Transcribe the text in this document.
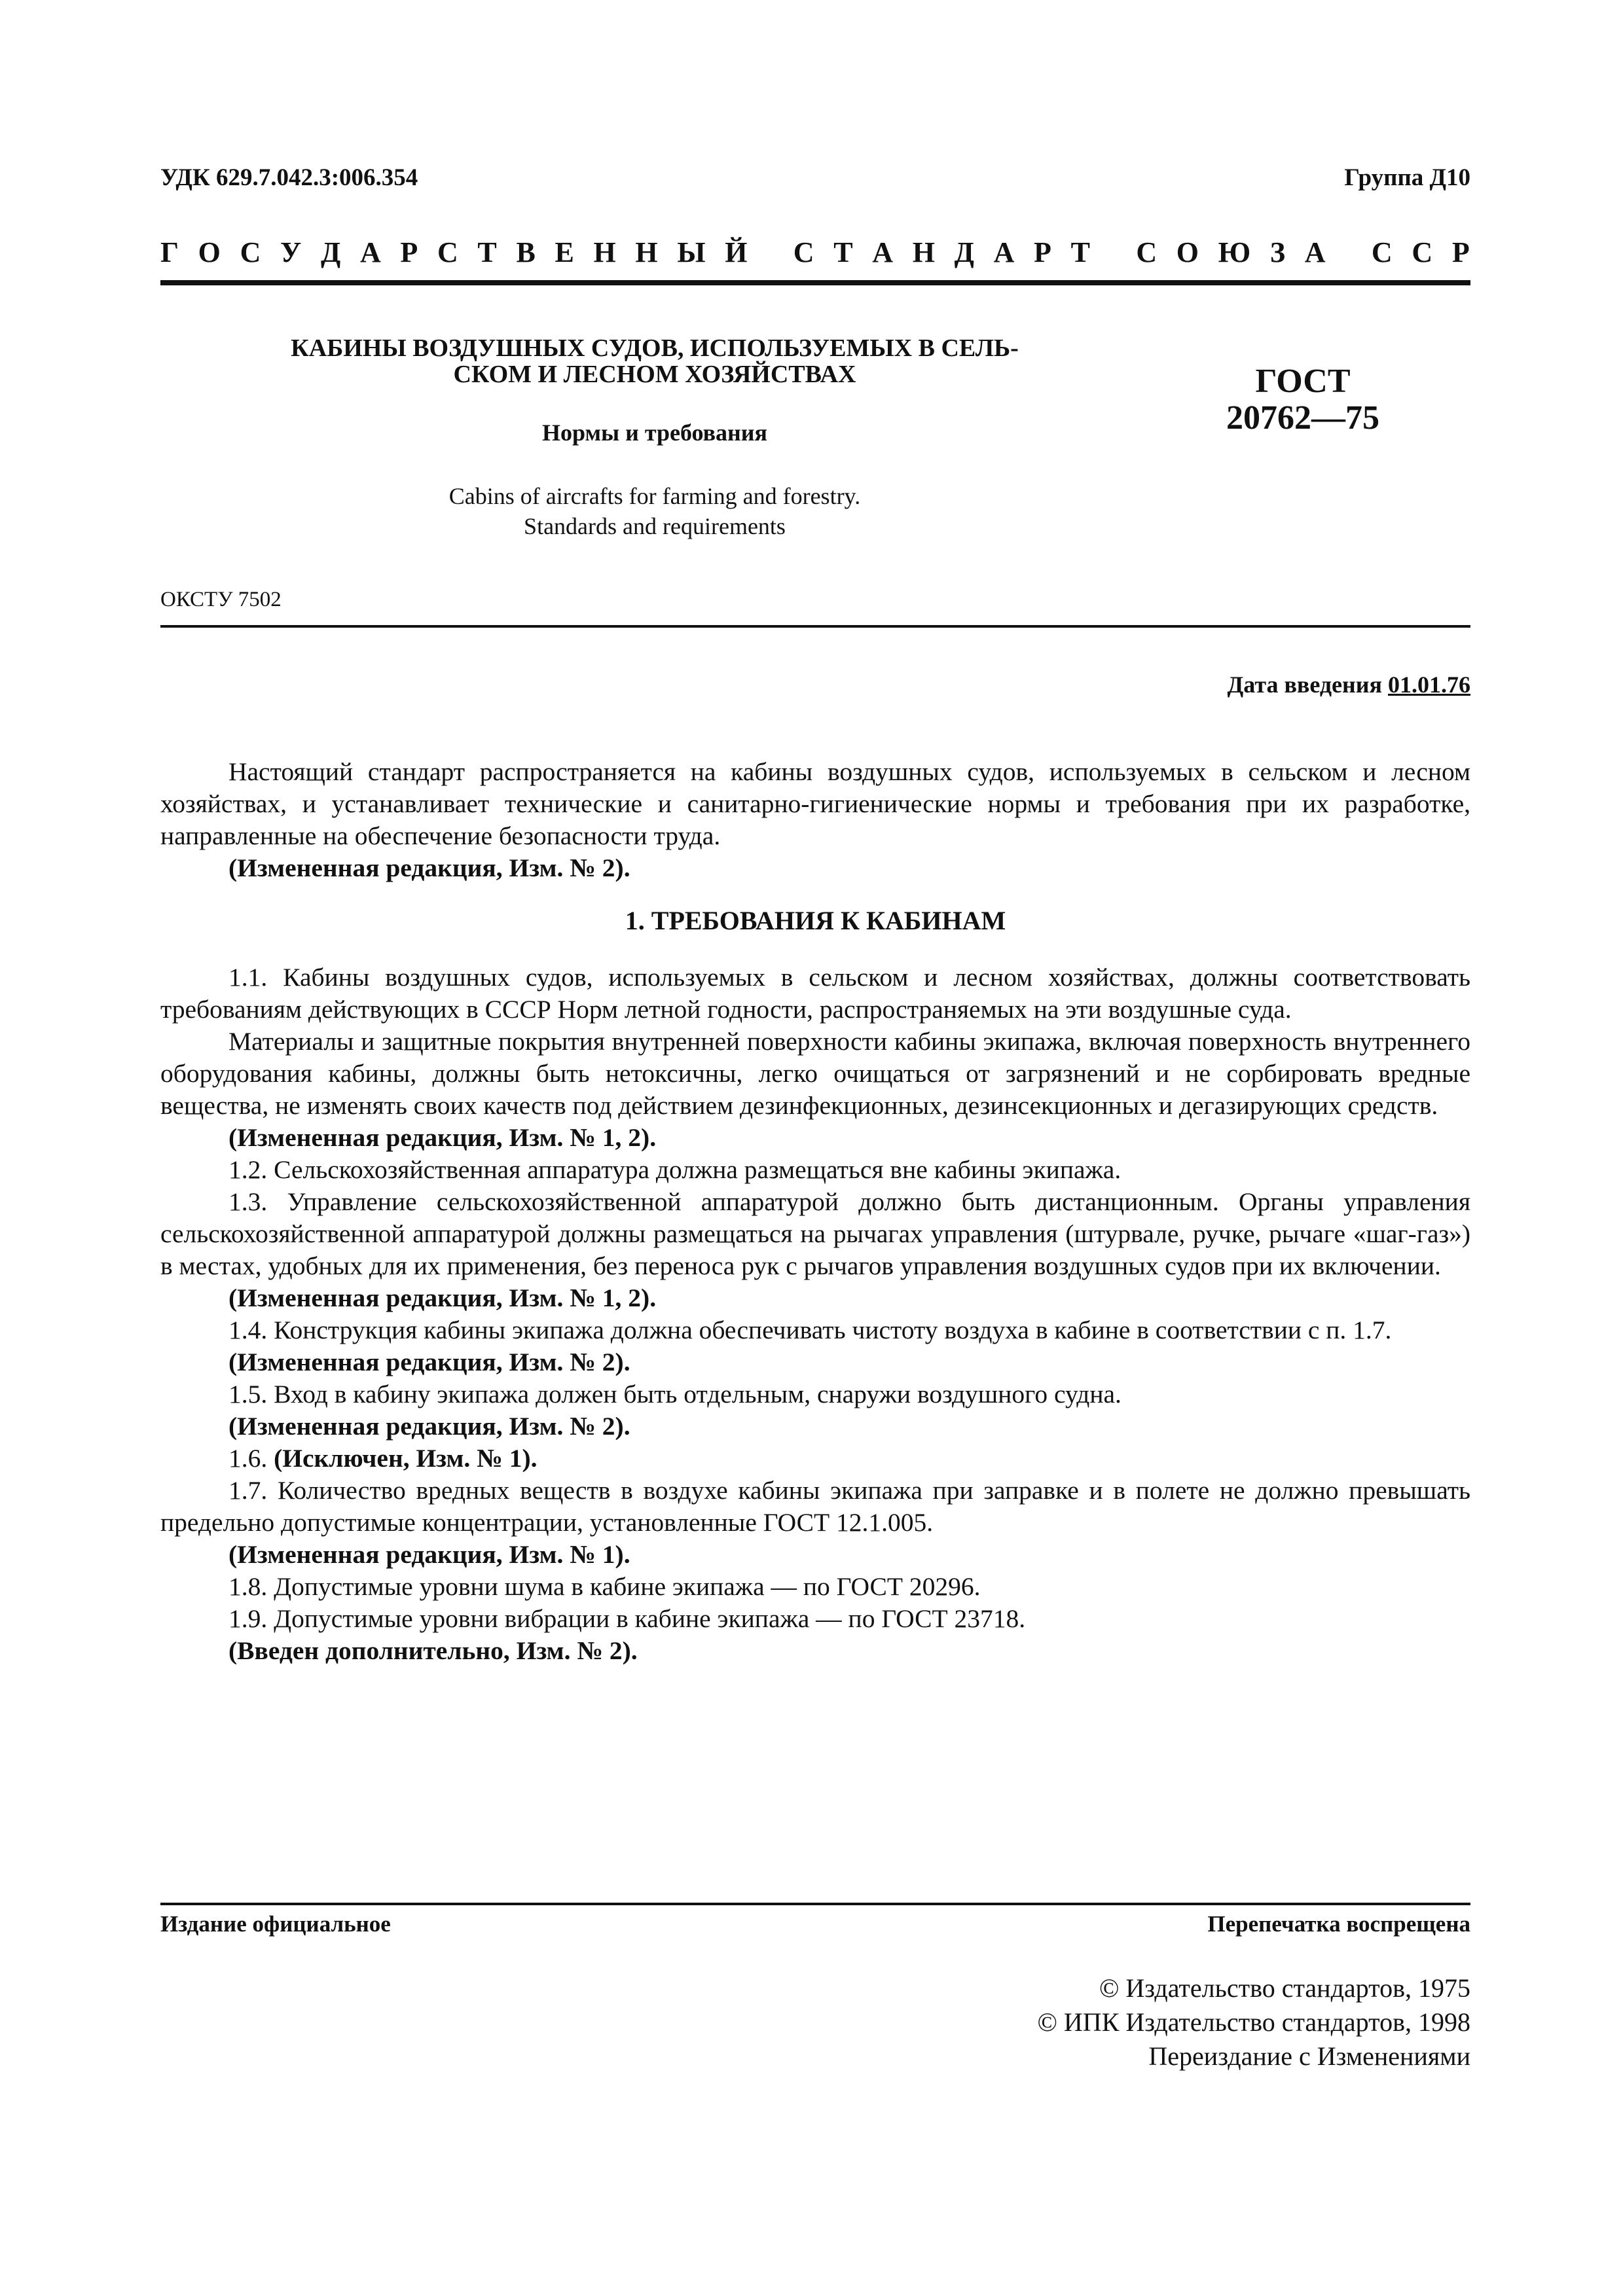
УДК 629.7.042.3:006.354	Группа Д10
Г О С У Д А Р С Т В Е Н Н Ы Й
С Т А Н Д А Р Т
С О Ю З А
С С Р
КАБИНЫ ВОЗДУШНЫХ СУДОВ, ИСПОЛЬЗУЕМЫХ В СЕЛЬ-
СКОМ И ЛЕСНОМ ХОЗЯЙСТВАХ
Нормы и требования
Cabins of aircrafts for farming and forestry.
Standards and requirements
ГОСТ
20762—75
ОКСТУ 7502
Дата введения 01.01.76

Настоящий стандарт распространяется на кабины воздушных судов, используемых в сельском и лесном хозяйствах, и устанавливает технические и санитарно-гигиенические нормы и требования при их разработке, направленные на обеспечение безопасности труда.

(Измененная редакция, Изм. № 2).

1. ТРЕБОВАНИЯ К КАБИНАМ

1.1. Кабины воздушных судов, используемых в сельском и лесном хозяйствах, должны соответствовать требованиям действующих в СССР Норм летной годности, распространяемых на эти воздушные суда.

Материалы и защитные покрытия внутренней поверхности кабины экипажа, включая поверхность внутреннего оборудования кабины, должны быть нетоксичны, легко очищаться от загрязнений и не сорбировать вредные вещества, не изменять своих качеств под действием дезинфекционных, дезинсекционных и дегазирующих средств.

(Измененная редакция, Изм. № 1, 2).

1.2. Сельскохозяйственная аппаратура должна размещаться вне кабины экипажа.

1.3. Управление сельскохозяйственной аппаратурой должно быть дистанционным. Органы управления сельскохозяйственной аппаратурой должны размещаться на рычагах управления (штурвале, ручке, рычаге «шаг-газ») в местах, удобных для их применения, без переноса рук с рычагов управления воздушных судов при их включении.

(Измененная редакция, Изм. № 1, 2).

1.4. Конструкция кабины экипажа должна обеспечивать чистоту воздуха в кабине в соответствии с п. 1.7.

(Измененная редакция, Изм. № 2).

1.5. Вход в кабину экипажа должен быть отдельным, снаружи воздушного судна.

(Измененная редакция, Изм. № 2).

1.6. (Исключен, Изм. № 1).

1.7. Количество вредных веществ в воздухе кабины экипажа при заправке и в полете не должно превышать предельно допустимые концентрации, установленные ГОСТ 12.1.005.

(Измененная редакция, Изм. № 1).

1.8. Допустимые уровни шума в кабине экипажа — по ГОСТ 20296.

1.9. Допустимые уровни вибрации в кабине экипажа — по ГОСТ 23718.

(Введен дополнительно, Изм. № 2).

Издание официальное	Перепечатка воспрещена
© Издательство стандартов, 1975
© ИПК Издательство стандартов, 1998
Переиздание с Изменениями
